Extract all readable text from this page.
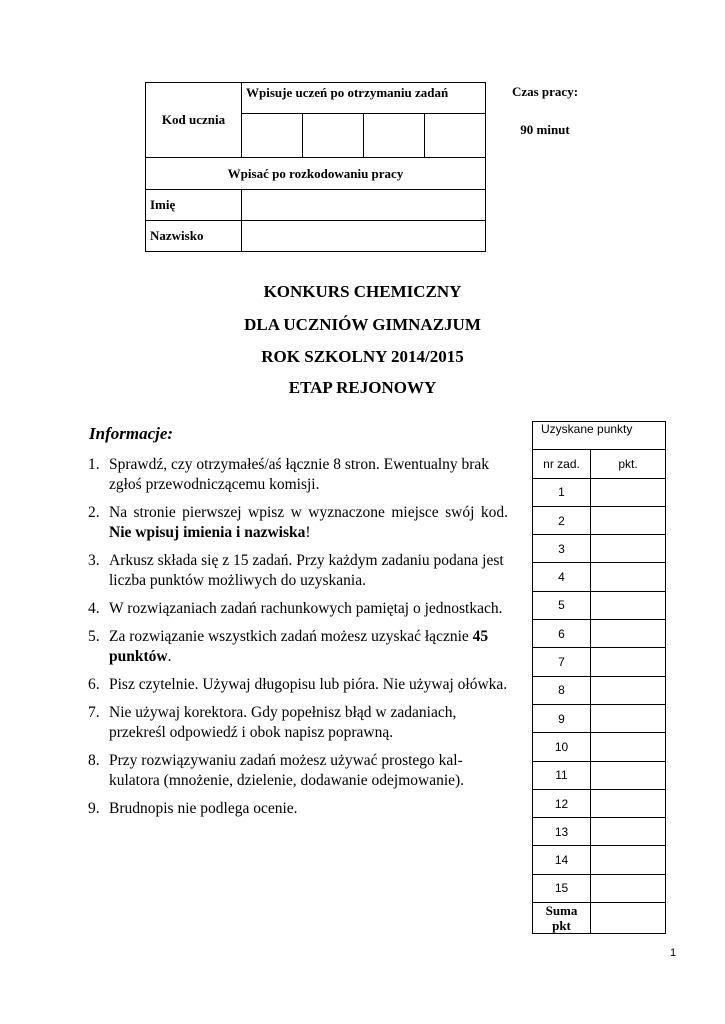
Kod ucznia	Wpisuje uczeń po otrzymaniu zadań			

Wpisać po rozkodowaniu pracy				
Imię				
Nazwisko				
Czas pracy:
90 minut
KONKURS CHEMICZNY
DLA UCZNIÓW GIMNAZJUM
ROK SZKOLNY 2014/2015
ETAP REJONOWY
Informacje:
1. Sprawdź, czy otrzymałeś/aś łącznie 8 stron. Ewentualny brak zgłoś przewodniczącemu komisji.
2. Na stronie pierwszej wpisz w wyznaczone miejsce swój kod. Nie wpisuj imienia i nazwiska!
3. Arkusz składa się z 15 zadań. Przy każdym zadaniu podana jest liczba punktów możliwych do uzyskania.
4. W rozwiązaniach zadań rachunkowych pamiętaj o jednostkach.
5. Za rozwiązanie wszystkich zadań możesz uzyskać łącznie 45 punktów.
6. Pisz czytelnie. Używaj długopisu lub pióra. Nie używaj ołówka.
7. Nie używaj korektora. Gdy popełnisz błąd w zadaniach, przekreśl odpowiedź i obok napisz poprawną.
8. Przy rozwiązywaniu zadań możesz używać prostego kal-kulatora (mnożenie, dzielenie, dodawanie odejmowanie).
9. Brudnopis nie podlega ocenie.
Uzyskane punkty	
nr zad.	pkt.
1	
2	
3	
4	
5	
6	
7	
8	
9	
10	
11	
12	
13	
14	
15	
Suma
pkt	
1
